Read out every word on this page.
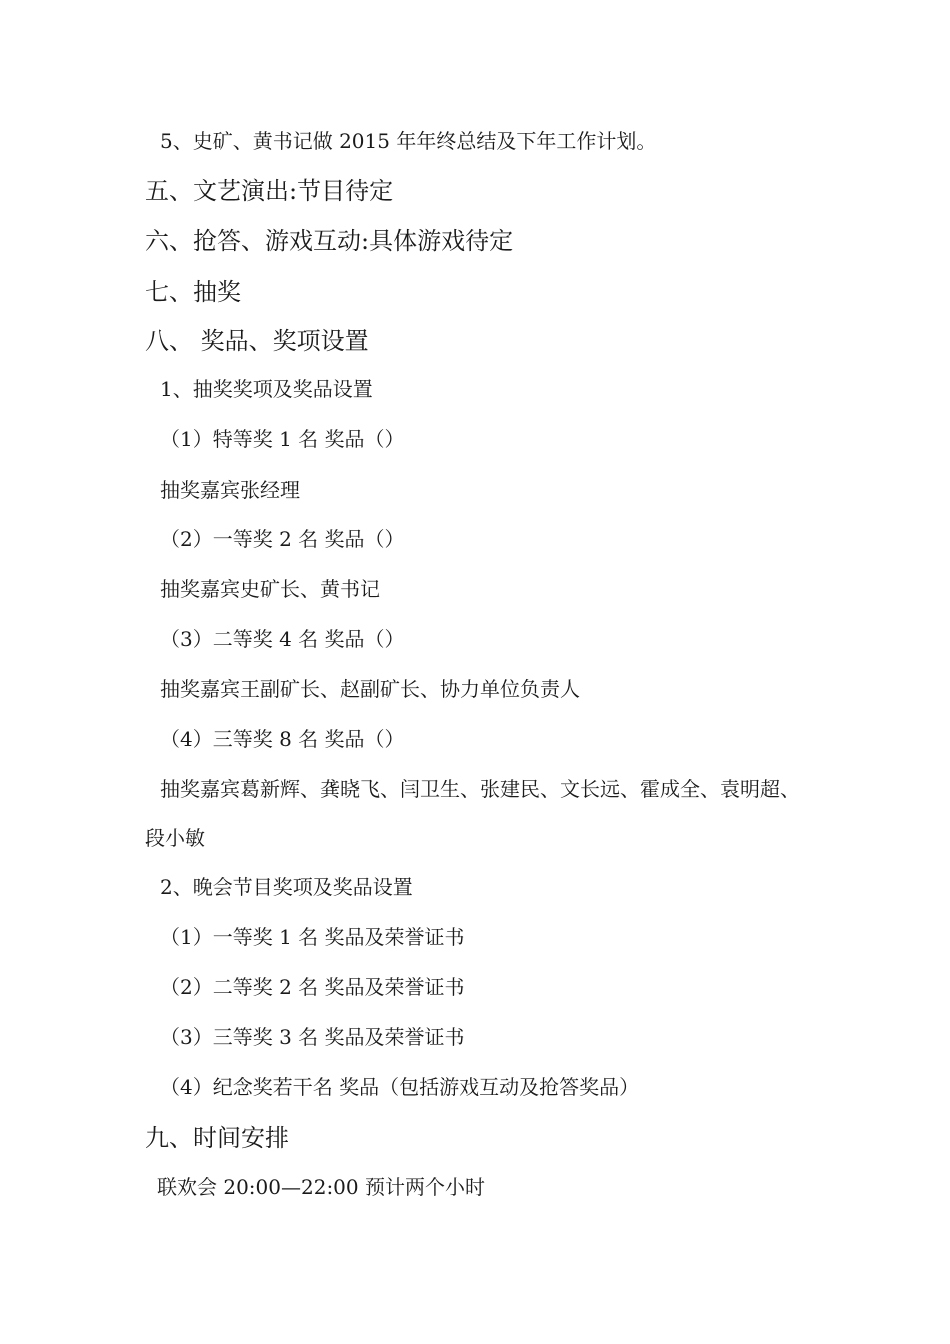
5、史矿、黄书记做 2015 年年终总结及下年工作计划。
五、文艺演出:节目待定
六、抢答、游戏互动:具体游戏待定
七、抽奖
八、 奖品、奖项设置
1、抽奖奖项及奖品设置
（1）特等奖 1 名 奖品（）
抽奖嘉宾张经理
（2）一等奖 2 名 奖品（）
抽奖嘉宾史矿长、黄书记
（3）二等奖 4 名 奖品（）
抽奖嘉宾王副矿长、赵副矿长、协力单位负责人
（4）三等奖 8 名 奖品（）
抽奖嘉宾葛新辉、龚晓飞、闫卫生、张建民、文长远、霍成全、袁明超、
段小敏
2、晚会节目奖项及奖品设置
（1）一等奖 1 名 奖品及荣誉证书
（2）二等奖 2 名 奖品及荣誉证书
（3）三等奖 3 名 奖品及荣誉证书
（4）纪念奖若干名 奖品（包括游戏互动及抢答奖品）
九、时间安排
联欢会 20:00—22:00 预计两个小时
